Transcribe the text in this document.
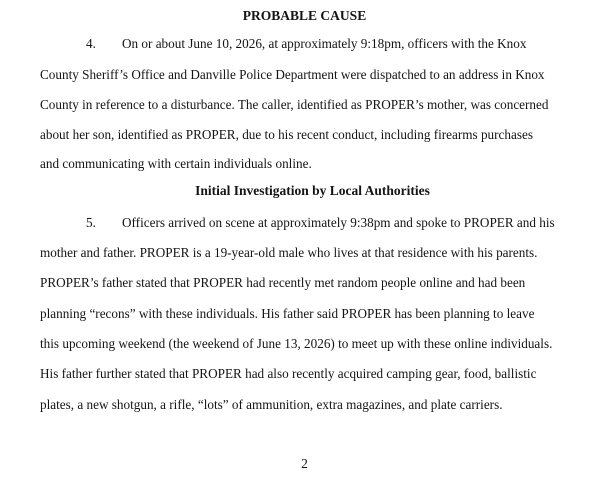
PROBABLE CAUSE
4. On or about June 10, 2026, at approximately 9:18pm, officers with the Knox
County Sheriff’s Office and Danville Police Department were dispatched to an address in Knox
County in reference to a disturbance. The caller, identified as PROPER’s mother, was concerned
about her son, identified as PROPER, due to his recent conduct, including firearms purchases
and communicating with certain individuals online.
Initial Investigation by Local Authorities
5. Officers arrived on scene at approximately 9:38pm and spoke to PROPER and his
mother and father. PROPER is a 19-year-old male who lives at that residence with his parents.
PROPER’s father stated that PROPER had recently met random people online and had been
planning “recons” with these individuals. His father said PROPER has been planning to leave
this upcoming weekend (the weekend of June 13, 2026) to meet up with these online individuals.
His father further stated that PROPER had also recently acquired camping gear, food, ballistic
plates, a new shotgun, a rifle, “lots” of ammunition, extra magazines, and plate carriers.
2
